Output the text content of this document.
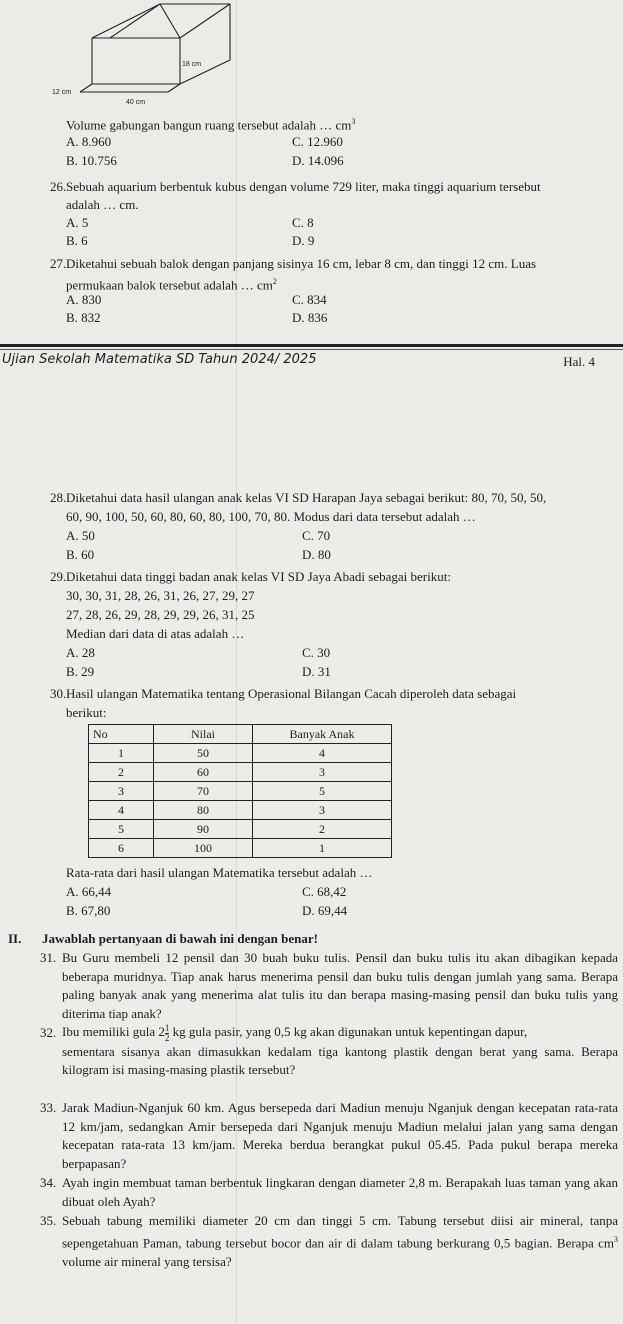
18 cm
12 cm
40 cm
Volume gabungan bangun ruang tersebut adalah … $cm^3$
A. 8.960	C. 12.960
B. 10.756	D. 14.096
26. Sebuah aquarium berbentuk kubus dengan volume 729 liter, maka tinggi aquarium tersebut
adalah … cm.
A. 5	C. 8
B. 6	D. 9
27. Diketahui sebuah balok dengan panjang sisinya 16 cm, lebar 8 cm, dan tinggi 12 cm. Luas
permukaan balok tersebut adalah … $cm^2$
A. 830	C. 834
B. 832	D. 836
Ujian Sekolah Matematika SD Tahun 2024/ 2025	Hal. 4
28. Diketahui data hasil ulangan anak kelas VI SD Harapan Jaya sebagai berikut: 80, 70, 50, 50,
60, 90, 100, 50, 60, 80, 60, 80, 100, 70, 80. Modus dari data tersebut adalah …
A. 50	C. 70
B. 60	D. 80
29. Diketahui data tinggi badan anak kelas VI SD Jaya Abadi sebagai berikut:
30, 30, 31, 28, 26, 31, 26, 27, 29, 27
27, 28, 26, 29, 28, 29, 29, 26, 31, 25
Median dari data di atas adalah …
A. 28	C. 30
B. 29	D. 31
30. Hasil ulangan Matematika tentang Operasional Bilangan Cacah diperoleh data sebagai
berikut:
No	Nilai	Banyak Anak
1	50	4
2	60	3
3	70	5
4	80	3
5	90	2
6	100	1
Rata-rata dari hasil ulangan Matematika tersebut adalah …
A. 66,44	C. 68,42
B. 67,80	D. 69,44
II. Jawablah pertanyaan di bawah ini dengan benar!
31. Bu Guru membeli 12 pensil dan 30 buah buku tulis. Pensil dan buku tulis itu akan dibagikan kepada beberapa muridnya. Tiap anak harus menerima pensil dan buku tulis dengan jumlah yang sama. Berapa paling banyak anak yang menerima alat tulis itu dan berapa masing-masing pensil dan buku tulis yang diterima tiap anak?

32. Ibu memiliki gula $2 \frac{1}{2}$ kg gula pasir, yang 0,5 kg akan digunakan untuk kepentingan dapur,

sementara sisanya akan dimasukkan kedalam tiga kantong plastik dengan berat yang sama. Berapa kilogram isi masing-masing plastik tersebut?

33. Jarak Madiun-Nganjuk 60 km. Agus bersepeda dari Madiun menuju Nganjuk dengan kecepatan rata-rata 12 km/jam, sedangkan Amir bersepeda dari Nganjuk menuju Madiun melalui jalan yang sama dengan kecepatan rata-rata 13 km/jam. Mereka berdua berangkat pukul 05.45. Pada pukul berapa mereka berpapasan?

34. Ayah ingin membuat taman berbentuk lingkaran dengan diameter 2,8 m. Berapakah luas taman yang akan dibuat oleh Ayah?

35. Sebuah tabung memiliki diameter 20 cm dan tinggi 5 cm. Tabung tersebut diisi air mineral, tanpa sepengetahuan Paman, tabung tersebut bocor dan air di dalam tabung berkurang 0,5 bagian. Berapa $cm^3$ volume air mineral yang tersisa?
